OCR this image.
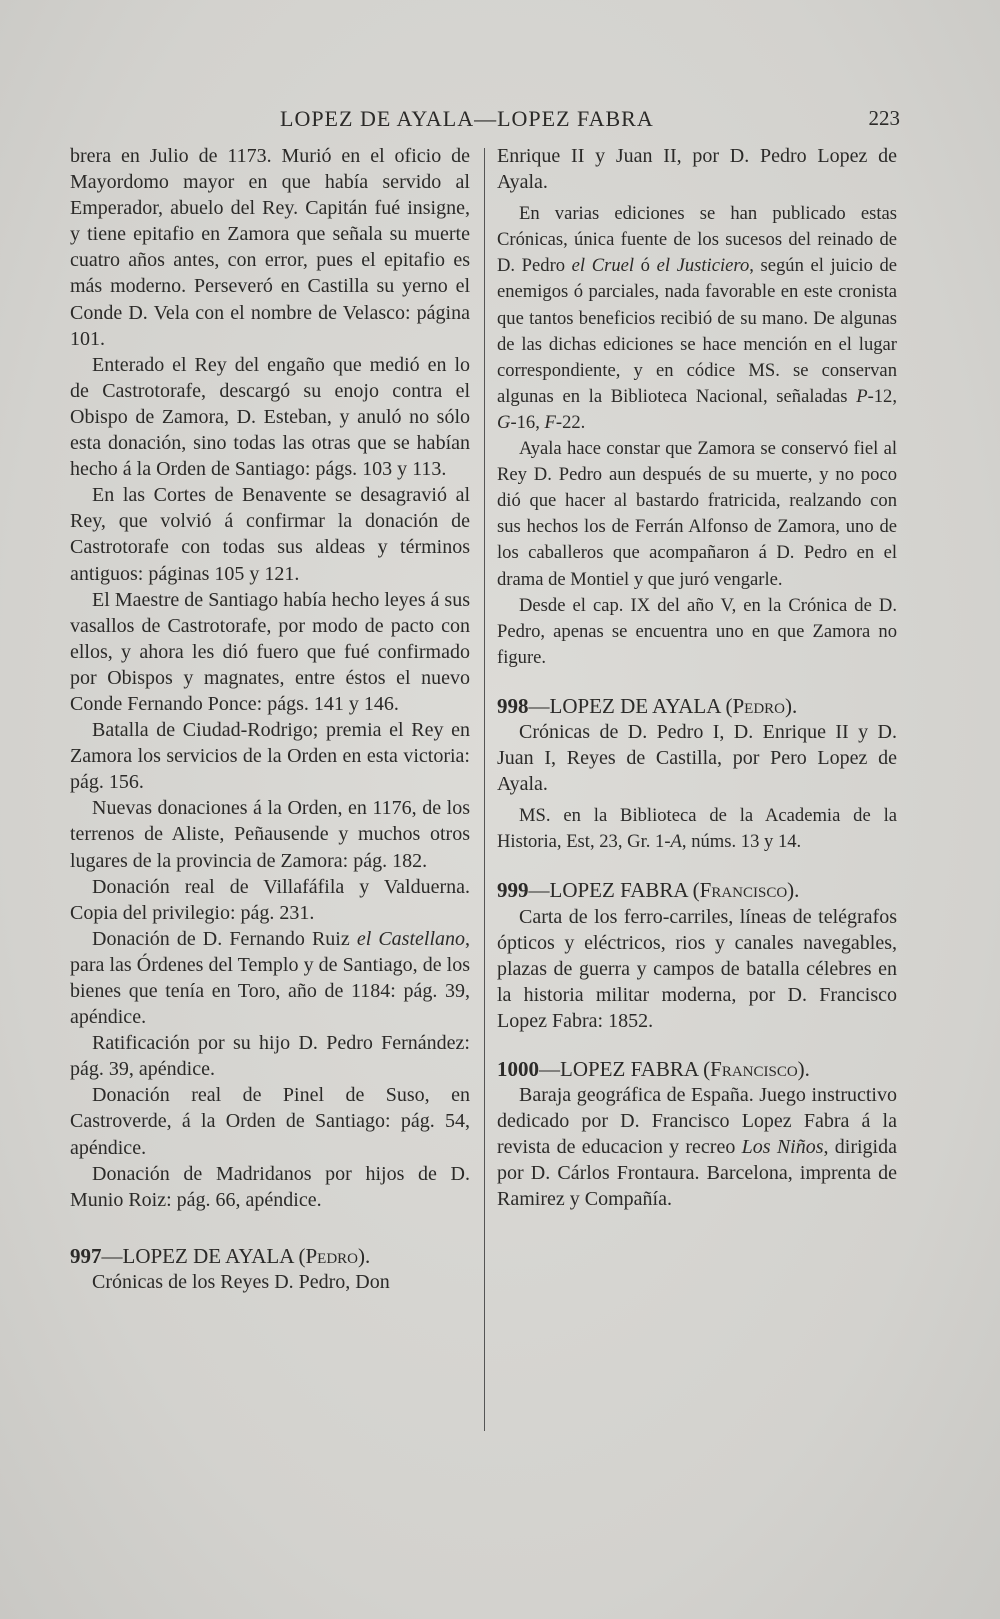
LOPEZ DE AYALA—LOPEZ FABRA	223

brera en Julio de 1173. Murió en el oficio de Mayordomo mayor en que había servido al Emperador, abuelo del Rey. Capitán fué insigne, y tiene epitafio en Zamora que señala su muerte cuatro años antes, con error, pues el epitafio es más moderno. Perseveró en Castilla su yerno el Conde D. Vela con el nombre de Velasco: página 101.

Enterado el Rey del engaño que medió en lo de Castrotorafe, descargó su enojo contra el Obispo de Zamora, D. Esteban, y anuló no sólo esta donación, sino todas las otras que se habían hecho á la Orden de Santiago: págs. 103 y 113.

En las Cortes de Benavente se desagravió al Rey, que volvió á confirmar la donación de Castrotorafe con todas sus aldeas y términos antiguos: páginas 105 y 121.

El Maestre de Santiago había hecho leyes á sus vasallos de Castrotorafe, por modo de pacto con ellos, y ahora les dió fuero que fué confirmado por Obispos y magnates, entre éstos el nuevo Conde Fernando Ponce: págs. 141 y 146.

Batalla de Ciudad-Rodrigo; premia el Rey en Zamora los servicios de la Orden en esta victoria: pág. 156.

Nuevas donaciones á la Orden, en 1176, de los terrenos de Aliste, Peñausende y muchos otros lugares de la provincia de Zamora: pág. 182.

Donación real de Villafáfila y Valduerna. Copia del privilegio: pág. 231.

Donación de D. Fernando Ruiz el Castellano, para las Órdenes del Templo y de Santiago, de los bienes que tenía en Toro, año de 1184: pág. 39, apéndice.

Ratificación por su hijo D. Pedro Fernández: pág. 39, apéndice.

Donación real de Pinel de Suso, en Castroverde, á la Orden de Santiago: pág. 54, apéndice.

Donación de Madridanos por hijos de D. Munio Roiz: pág. 66, apéndice.

997—LOPEZ DE AYALA (Pedro).

Crónicas de los Reyes D. Pedro, Don

Enrique II y Juan II, por D. Pedro Lopez de Ayala.

En varias ediciones se han publicado estas Crónicas, única fuente de los sucesos del reinado de D. Pedro el Cruel ó el Justiciero, según el juicio de enemigos ó parciales, nada favorable en este cronista que tantos beneficios recibió de su mano. De algunas de las dichas ediciones se hace mención en el lugar correspondiente, y en códice MS. se conservan algunas en la Biblioteca Nacional, señaladas P-12, G-16, F-22.

Ayala hace constar que Zamora se conservó fiel al Rey D. Pedro aun después de su muerte, y no poco dió que hacer al bastardo fratricida, realzando con sus hechos los de Ferrán Alfonso de Zamora, uno de los caballeros que acompañaron á D. Pedro en el drama de Montiel y que juró vengarle.

Desde el cap. IX del año V, en la Crónica de D. Pedro, apenas se encuentra uno en que Zamora no figure.

998—LOPEZ DE AYALA (Pedro).

Crónicas de D. Pedro I, D. Enrique II y D. Juan I, Reyes de Castilla, por Pero Lopez de Ayala.

MS. en la Biblioteca de la Academia de la Historia, Est, 23, Gr. 1-A, núms. 13 y 14.

999—LOPEZ FABRA (Francisco).

Carta de los ferro-carriles, líneas de telégrafos ópticos y eléctricos, rios y canales navegables, plazas de guerra y campos de batalla célebres en la historia militar moderna, por D. Francisco Lopez Fabra: 1852.

1000—LOPEZ FABRA (Francisco).

Baraja geográfica de España. Juego instructivo dedicado por D. Francisco Lopez Fabra á la revista de educacion y recreo Los Niños, dirigida por D. Cárlos Frontaura. Barcelona, imprenta de Ramirez y Compañía.
